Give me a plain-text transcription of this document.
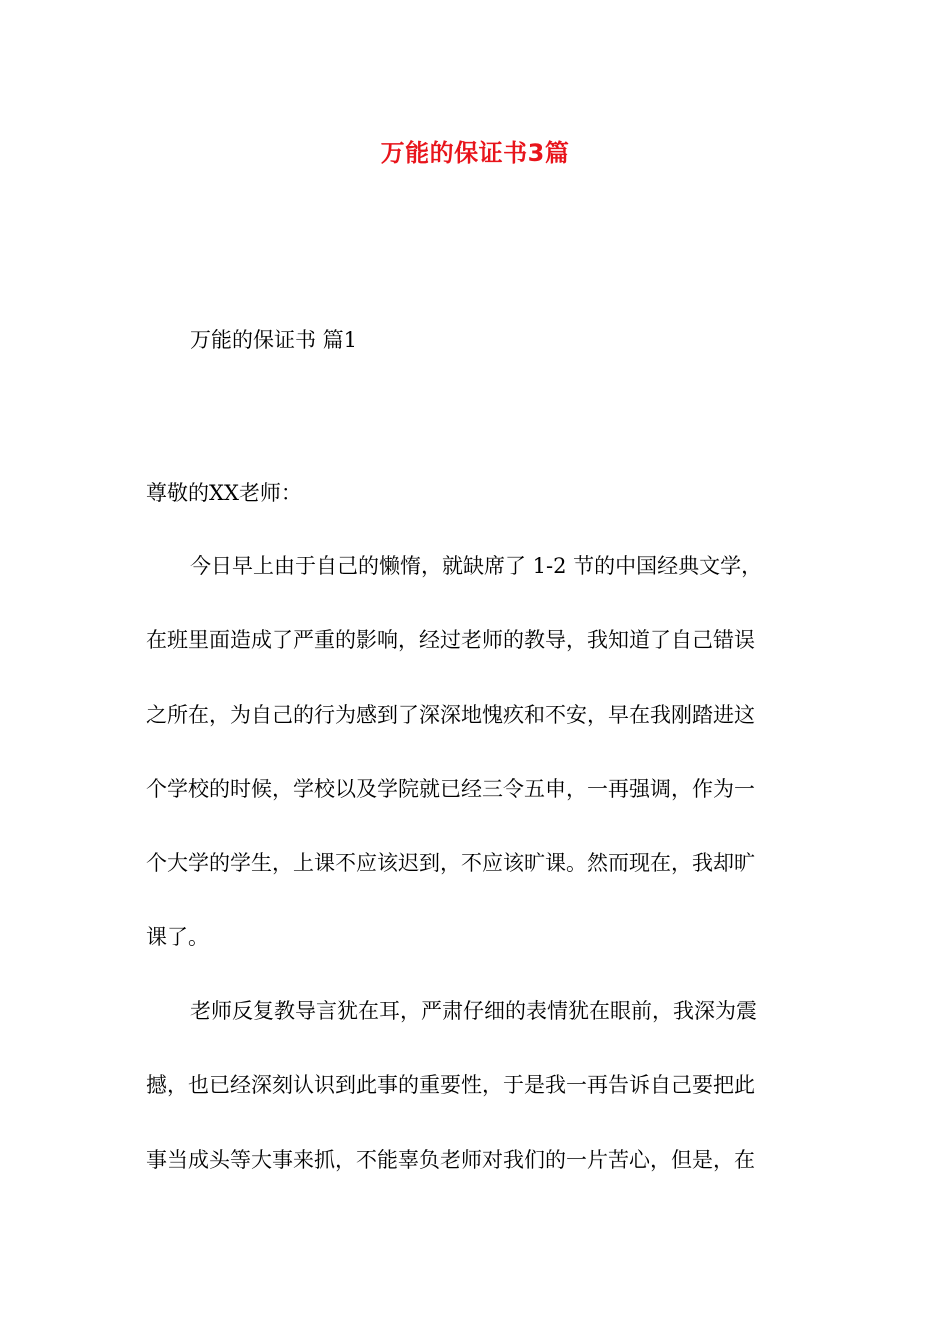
万能的保证书3篇
万能的保证书 篇1
尊敬的XX老师：
今日早上由于自己的懒惰，就缺席了 1-2 节的中国经典文学，
在班里面造成了严重的影响，经过老师的教导，我知道了自己错误
之所在，为自己的行为感到了深深地愧疚和不安，早在我刚踏进这
个学校的时候，学校以及学院就已经三令五申，一再强调，作为一
个大学的学生，上课不应该迟到，不应该旷课。然而现在，我却旷
课了。
老师反复教导言犹在耳，严肃仔细的表情犹在眼前，我深为震
撼，也已经深刻认识到此事的重要性，于是我一再告诉自己要把此
事当成头等大事来抓，不能辜负老师对我们的一片苦心，但是，在
